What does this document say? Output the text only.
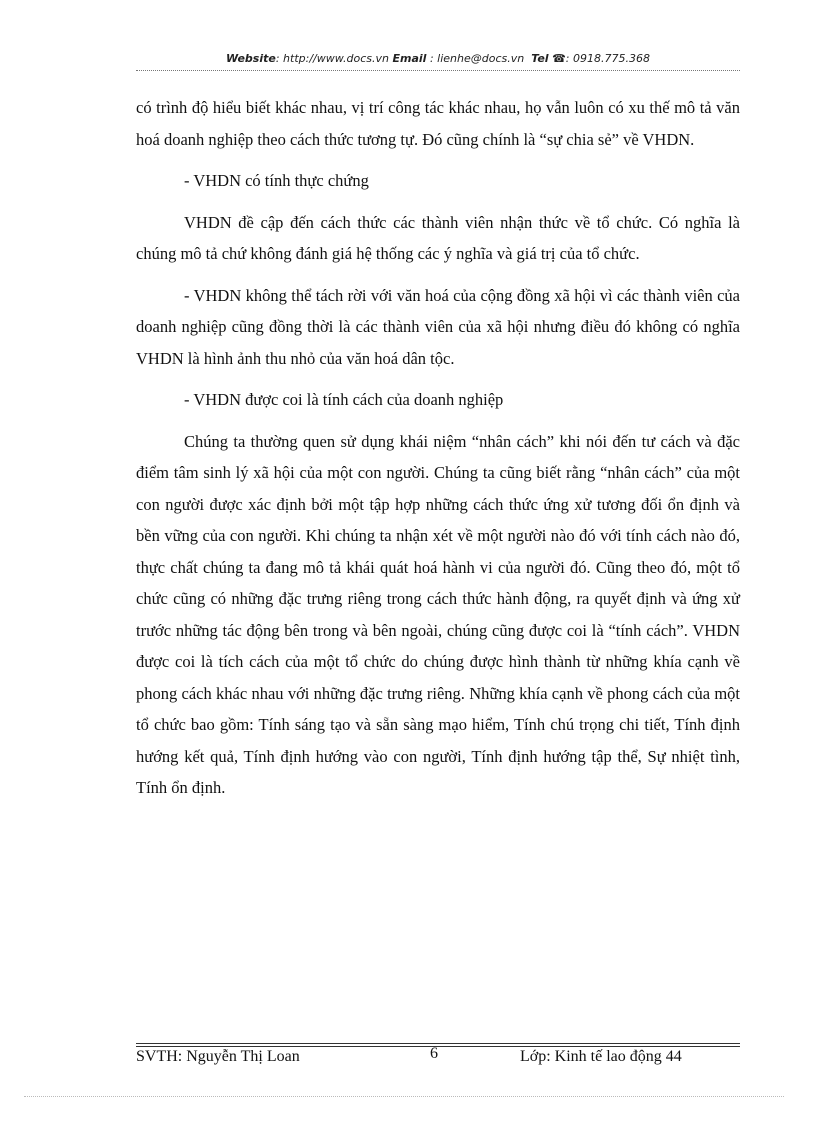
Website: http://www.docs.vn Email : lienhe@docs.vn Tel ☎: 0918.775.368

có trình độ hiểu biết khác nhau, vị trí công tác khác nhau, họ vẫn luôn có xu thế mô tả văn hoá doanh nghiệp theo cách thức tương tự. Đó cũng chính là “sự chia sẻ” về VHDN.

- VHDN có tính thực chứng

VHDN đề cập đến cách thức các thành viên nhận thức về tổ chức. Có nghĩa là chúng mô tả chứ không đánh giá hệ thống các ý nghĩa và giá trị của tổ chức.

- VHDN không thể tách rời với văn hoá của cộng đồng xã hội vì các thành viên của doanh nghiệp cũng đồng thời là các thành viên của xã hội nhưng điều đó không có nghĩa VHDN là hình ảnh thu nhỏ của văn hoá dân tộc.

- VHDN được coi là tính cách của doanh nghiệp

Chúng ta thường quen sử dụng khái niệm “nhân cách” khi nói đến tư cách và đặc điểm tâm sinh lý xã hội của một con người. Chúng ta cũng biết rằng “nhân cách” của một con người được xác định bởi một tập hợp những cách thức ứng xử tương đối ổn định và bền vững của con người. Khi chúng ta nhận xét về một người nào đó với tính cách nào đó, thực chất chúng ta đang mô tả khái quát hoá hành vi của người đó. Cũng theo đó, một tổ chức cũng có những đặc trưng riêng trong cách thức hành động, ra quyết định và ứng xử trước những tác động bên trong và bên ngoài, chúng cũng được coi là “tính cách”. VHDN được coi là tích cách của một tổ chức do chúng được hình thành từ những khía cạnh về phong cách khác nhau với những đặc trưng riêng. Những khía cạnh về phong cách của một tổ chức bao gồm: Tính sáng tạo và sẵn sàng mạo hiểm, Tính chú trọng chi tiết, Tính định hướng kết quả, Tính định hướng vào con người, Tính định hướng tập thể, Sự nhiệt tình, Tính ổn định.

SVTH: Nguyễn Thị Loan	6	Lớp: Kinh tế lao động 44
